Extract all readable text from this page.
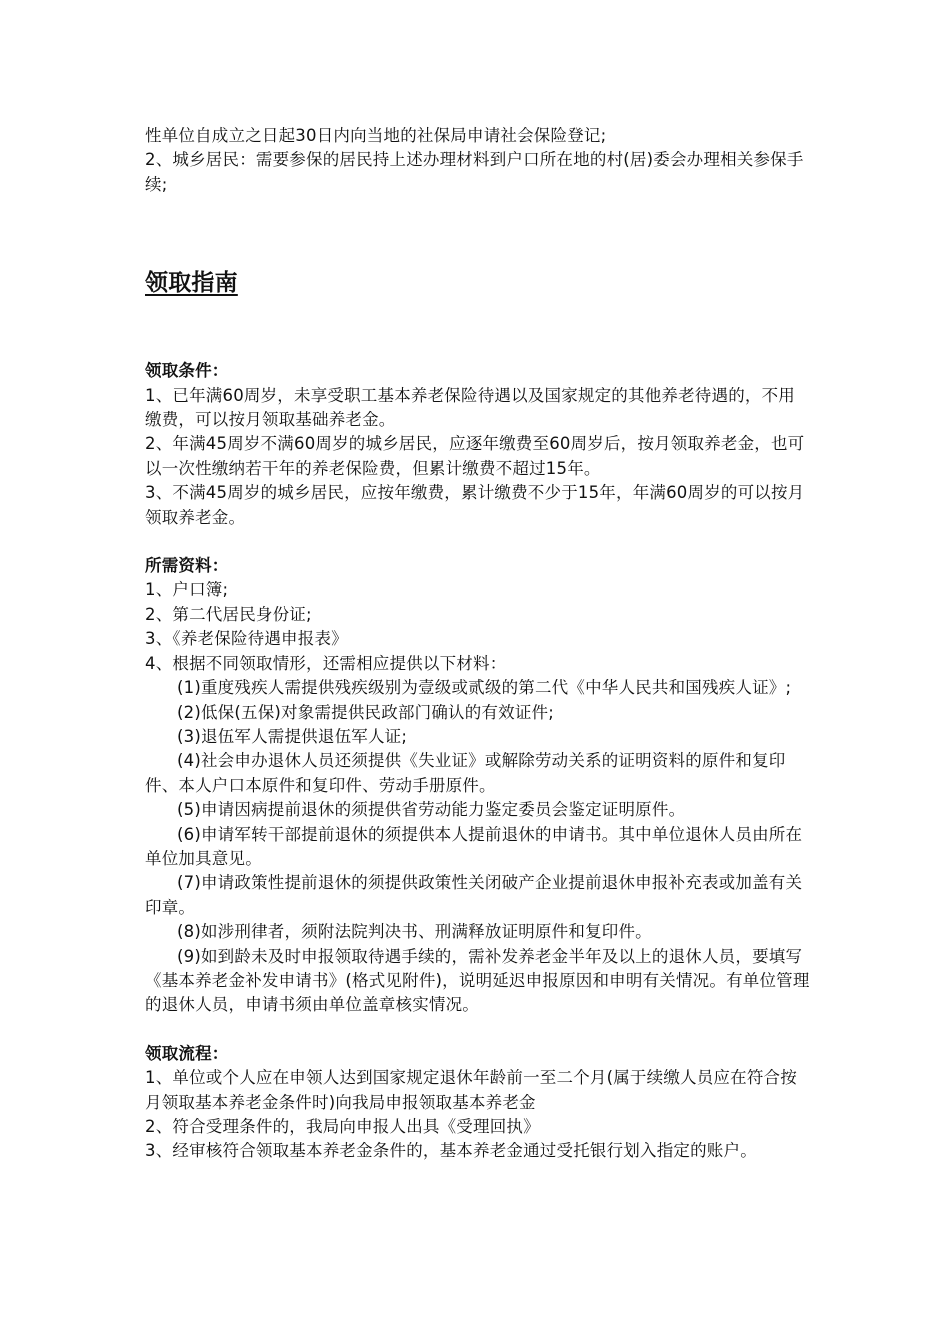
性单位自成立之日起30日内向当地的社保局申请社会保险登记;

2、城乡居民：需要参保的居民持上述办理材料到户口所在地的村(居)委会办理相关参保手续;

领取指南

领取条件：

1、已年满60周岁，未享受职工基本养老保险待遇以及国家规定的其他养老待遇的，不用缴费，可以按月领取基础养老金。

2、年满45周岁不满60周岁的城乡居民，应逐年缴费至60周岁后，按月领取养老金，也可以一次性缴纳若干年的养老保险费，但累计缴费不超过15年。

3、不满45周岁的城乡居民，应按年缴费，累计缴费不少于15年，年满60周岁的可以按月领取养老金。

所需资料：

1、户口簿;

2、第二代居民身份证;

3、《养老保险待遇申报表》

4、根据不同领取情形，还需相应提供以下材料：

(1)重度残疾人需提供残疾级别为壹级或贰级的第二代《中华人民共和国残疾人证》;

(2)低保(五保)对象需提供民政部门确认的有效证件;

(3)退伍军人需提供退伍军人证;

(4)社会申办退休人员还须提供《失业证》或解除劳动关系的证明资料的原件和复印件、本人户口本原件和复印件、劳动手册原件。

(5)申请因病提前退休的须提供省劳动能力鉴定委员会鉴定证明原件。

(6)申请军转干部提前退休的须提供本人提前退休的申请书。其中单位退休人员由所在单位加具意见。

(7)申请政策性提前退休的须提供政策性关闭破产企业提前退休申报补充表或加盖有关印章。

(8)如涉刑律者，须附法院判决书、刑满释放证明原件和复印件。

(9)如到龄未及时申报领取待遇手续的，需补发养老金半年及以上的退休人员，要填写《基本养老金补发申请书》(格式见附件)，说明延迟申报原因和申明有关情况。有单位管理的退休人员，申请书须由单位盖章核实情况。

领取流程：

1、单位或个人应在申领人达到国家规定退休年龄前一至二个月(属于续缴人员应在符合按月领取基本养老金条件时)向我局申报领取基本养老金

2、符合受理条件的，我局向申报人出具《受理回执》

3、经审核符合领取基本养老金条件的，基本养老金通过受托银行划入指定的账户。
